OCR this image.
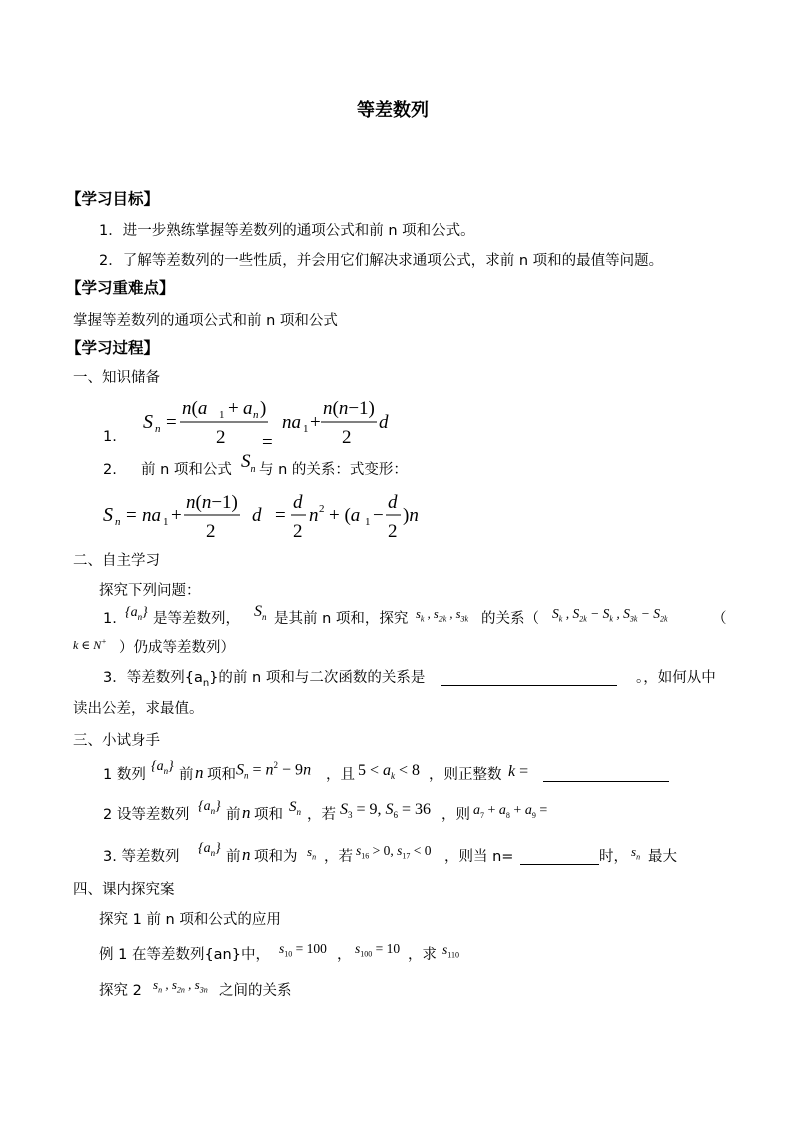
等差数列
【学习目标】
1．进一步熟练掌握等差数列的通项公式和前 n 项和公式。
2．了解等差数列的一些性质，并会用它们解决求通项公式，求前 n 项和的最值等问题。
【学习重难点】
掌握等差数列的通项公式和前 n 项和公式
【学习过程】
一、知识储备
1.
S n =
n(a 1 + a n )
2 =
na 1 +
n(n−1)
2
d
2. 前 n 项和公式 $S_n$ 与 n 的关系：式变形：
S n = na 1 +
n(n−1)
2
d =
d
2
n 2 + (a 1 −
d
2
)n
二、自主学习
探究下列问题：
1. $\{a_n\}$ 是等差数列， $S_n$ 是其前 n 项和，探究 $s_k$ , $s_{2k}$ , $s_{3k}$ 的关系（ $S_k$ , $S_{2k} - S_k$ , $S_{3k} - S_{2k}$	（
k ∈ N+ ）仍成等差数列）
3．等差数列$\{a_n\}$的前 n 项和与二次函数的关系是	。，如何从中
读出公差，求最值。
三、小试身手
1 数列
$\{a_n\}$
前 n 项和 $S_n = n^2 - 9n$ ，且 $5 < a_k < 8$ ，则正整数 k =
2 设等差数列
$\{a_n\}$
前 n 项和 $S_n$ ，若 $S_3 = 9$, $S_6 = 36$ ，则 $a_7 + a_8 + a_9$ =
3. 等差数列
$\{a_n\}$
前 n 项和为 $s_n$ ，若 $s_{16} > 0$, $s_{17} < 0$ ，则当 n=	时， $s_n$ 最大
四、课内探究案
探究 1 前 n 项和公式的应用
例 1 在等差数列{an}中， $s_{10} = 100$ ， $s_{100} = 10$ ，求 $s_{110}$
探究 2 $s_n$ , $s_{2n}$ , $s_{3n}$ 之间的关系
